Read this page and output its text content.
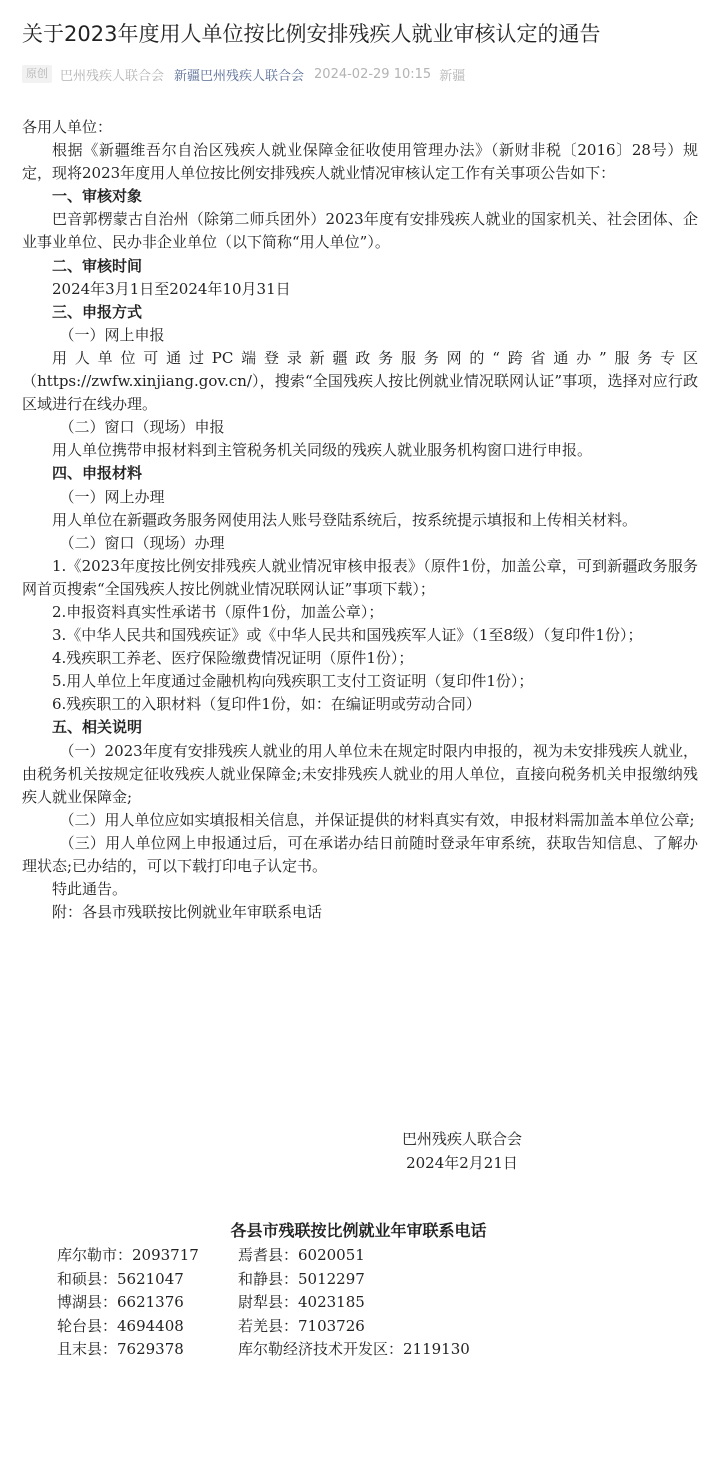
关于2023年度用人单位按比例安排残疾人就业审核认定的通告
原创 巴州残疾人联合会 新疆巴州残疾人联合会 2024-02-29 10:15 新疆

各用人单位：

根据《新疆维吾尔自治区残疾人就业保障金征收使用管理办法》（新财非税〔2016〕28号）规定，现将2023年度用人单位按比例安排残疾人就业情况审核认定工作有关事项公告如下：

一、审核对象

巴音郭楞蒙古自治州（除第二师兵团外）2023年度有安排残疾人就业的国家机关、社会团体、企业事业单位、民办非企业单位（以下简称“用人单位”）。

二、审核时间

2024年3月1日至2024年10月31日

三、申报方式

（一）网上申报

用人单位可通过PC端登录新疆政务服务网的“跨省通办”服务专区（https://zwfw.xinjiang.gov.cn/），搜索“全国残疾人按比例就业情况联网认证”事项，选择对应行政区域进行在线办理。

（二）窗口（现场）申报

用人单位携带申报材料到主管税务机关同级的残疾人就业服务机构窗口进行申报。

四、申报材料

（一）网上办理

用人单位在新疆政务服务网使用法人账号登陆系统后，按系统提示填报和上传相关材料。

（二）窗口（现场）办理

1.《2023年度按比例安排残疾人就业情况审核申报表》（原件1份，加盖公章，可到新疆政务服务网首页搜索“全国残疾人按比例就业情况联网认证”事项下载）；

2.申报资料真实性承诺书（原件1份，加盖公章）；

3.《中华人民共和国残疾证》或《中华人民共和国残疾军人证》（1至8级）（复印件1份）；

4.残疾职工养老、医疗保险缴费情况证明（原件1份）；

5.用人单位上年度通过金融机构向残疾职工支付工资证明（复印件1份）；

6.残疾职工的入职材料（复印件1份，如：在编证明或劳动合同）

五、相关说明

（一）2023年度有安排残疾人就业的用人单位未在规定时限内申报的，视为未安排残疾人就业，由税务机关按规定征收残疾人就业保障金;未安排残疾人就业的用人单位，直接向税务机关申报缴纳残疾人就业保障金;

（二）用人单位应如实填报相关信息，并保证提供的材料真实有效，申报材料需加盖本单位公章;

（三）用人单位网上申报通过后，可在承诺办结日前随时登录年审系统，获取告知信息、了解办理状态;已办结的，可以下载打印电子认定书。

特此通告。

附：各县市残联按比例就业年审联系电话

巴州残疾人联合会
2024年2月21日
各县市残联按比例就业年审联系电话
库尔勒市：2093717	焉耆县：6020051
和硕县：5621047	和静县：5012297
博湖县：6621376	尉犁县：4023185
轮台县：4694408	若羌县：7103726
且末县：7629378	库尔勒经济技术开发区：2119130
